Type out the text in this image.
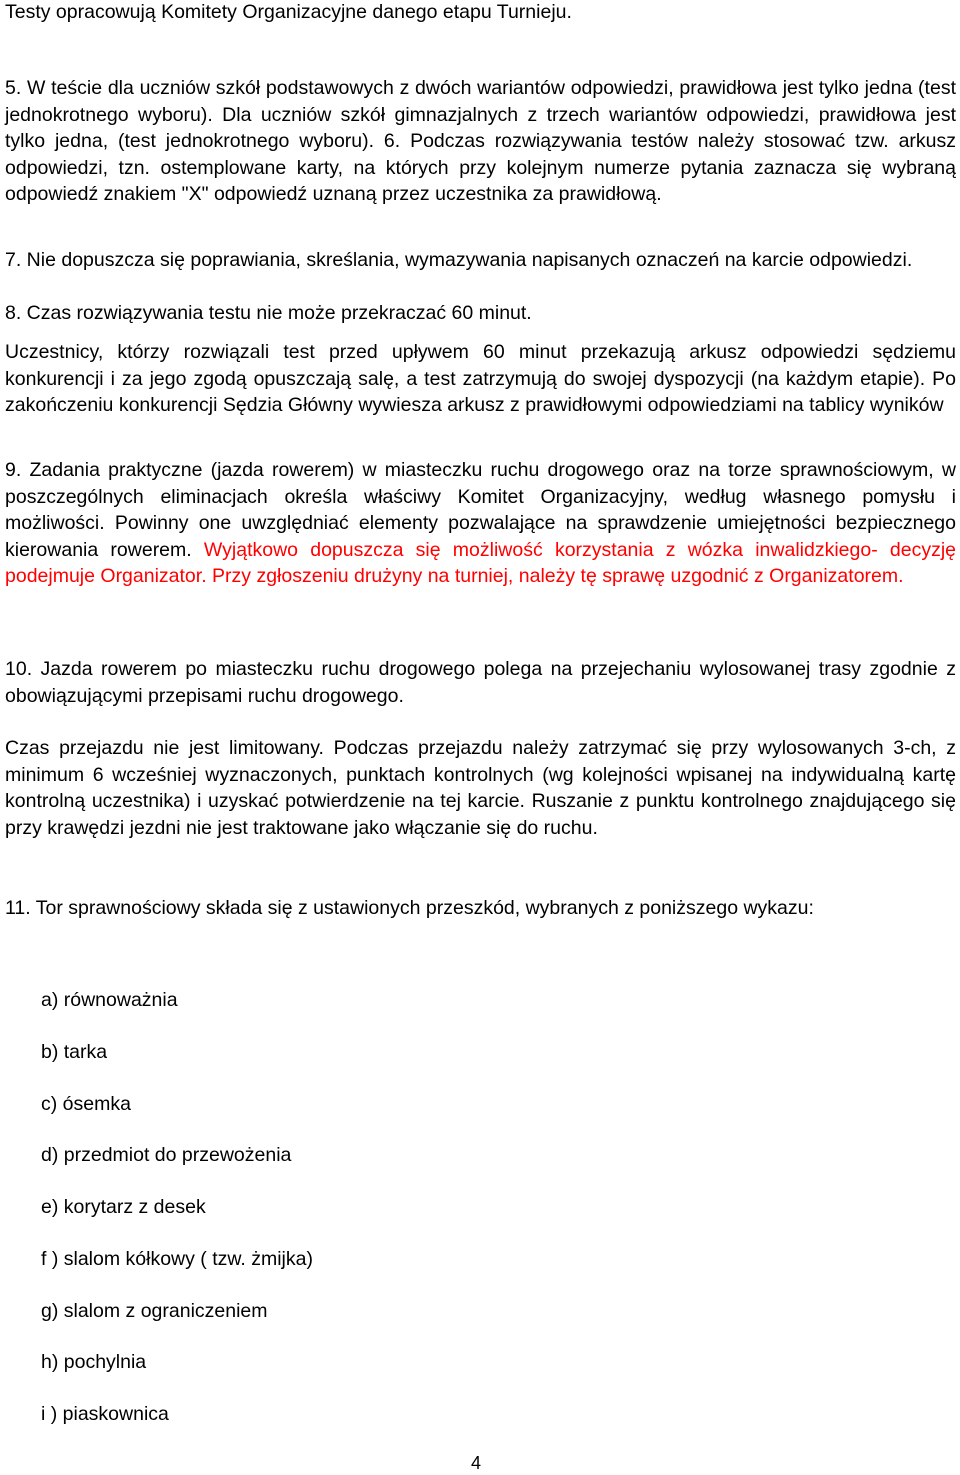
Testy opracowują Komitety Organizacyjne danego etapu Turnieju.

5. W teście dla uczniów szkół podstawowych z dwóch wariantów odpowiedzi, prawidłowa jest tylko jedna (test jednokrotnego wyboru). Dla uczniów szkół gimnazjalnych z trzech wariantów odpowiedzi, prawidłowa jest tylko jedna, (test jednokrotnego wyboru). 6. Podczas rozwiązywania testów należy stosować tzw. arkusz odpowiedzi, tzn. ostemplowane karty, na których przy kolejnym numerze pytania zaznacza się wybraną odpowiedź znakiem "X" odpowiedź uznaną przez uczestnika za prawidłową.

7. Nie dopuszcza się poprawiania, skreślania, wymazywania napisanych oznaczeń na karcie odpowiedzi.

8. Czas rozwiązywania testu nie może przekraczać 60 minut.

Uczestnicy, którzy rozwiązali test przed upływem 60 minut przekazują arkusz odpowiedzi sędziemu konkurencji i za jego zgodą opuszczają salę, a test zatrzymują do swojej dyspozycji (na każdym etapie). Po zakończeniu konkurencji Sędzia Główny wywiesza arkusz z prawidłowymi odpowiedziami na tablicy wyników

9. Zadania praktyczne (jazda rowerem) w miasteczku ruchu drogowego oraz na torze sprawnościowym, w poszczególnych eliminacjach określa właściwy Komitet Organizacyjny, według własnego pomysłu i możliwości. Powinny one uwzględniać elementy pozwalające na sprawdzenie umiejętności bezpiecznego kierowania rowerem. Wyjątkowo dopuszcza się możliwość korzystania z wózka inwalidzkiego- decyzję podejmuje Organizator. Przy zgłoszeniu drużyny na turniej, należy tę sprawę uzgodnić z Organizatorem.

10. Jazda rowerem po miasteczku ruchu drogowego polega na przejechaniu wylosowanej trasy zgodnie z obowiązującymi przepisami ruchu drogowego.

Czas przejazdu nie jest limitowany. Podczas przejazdu należy zatrzymać się przy wylosowanych 3-ch, z minimum 6 wcześniej wyznaczonych, punktach kontrolnych (wg kolejności wpisanej na indywidualną kartę kontrolną uczestnika) i uzyskać potwierdzenie na tej karcie. Ruszanie z punktu kontrolnego znajdującego się przy krawędzi jezdni nie jest traktowane jako włączanie się do ruchu.

11. Tor sprawnościowy składa się z ustawionych przeszkód, wybranych z poniższego wykazu:

a) równoważnia

b) tarka

c) ósemka

d) przedmiot do przewożenia

e) korytarz z desek

f ) slalom kółkowy ( tzw. żmijka)

g) slalom z ograniczeniem

h) pochylnia

i ) piaskownica

4
